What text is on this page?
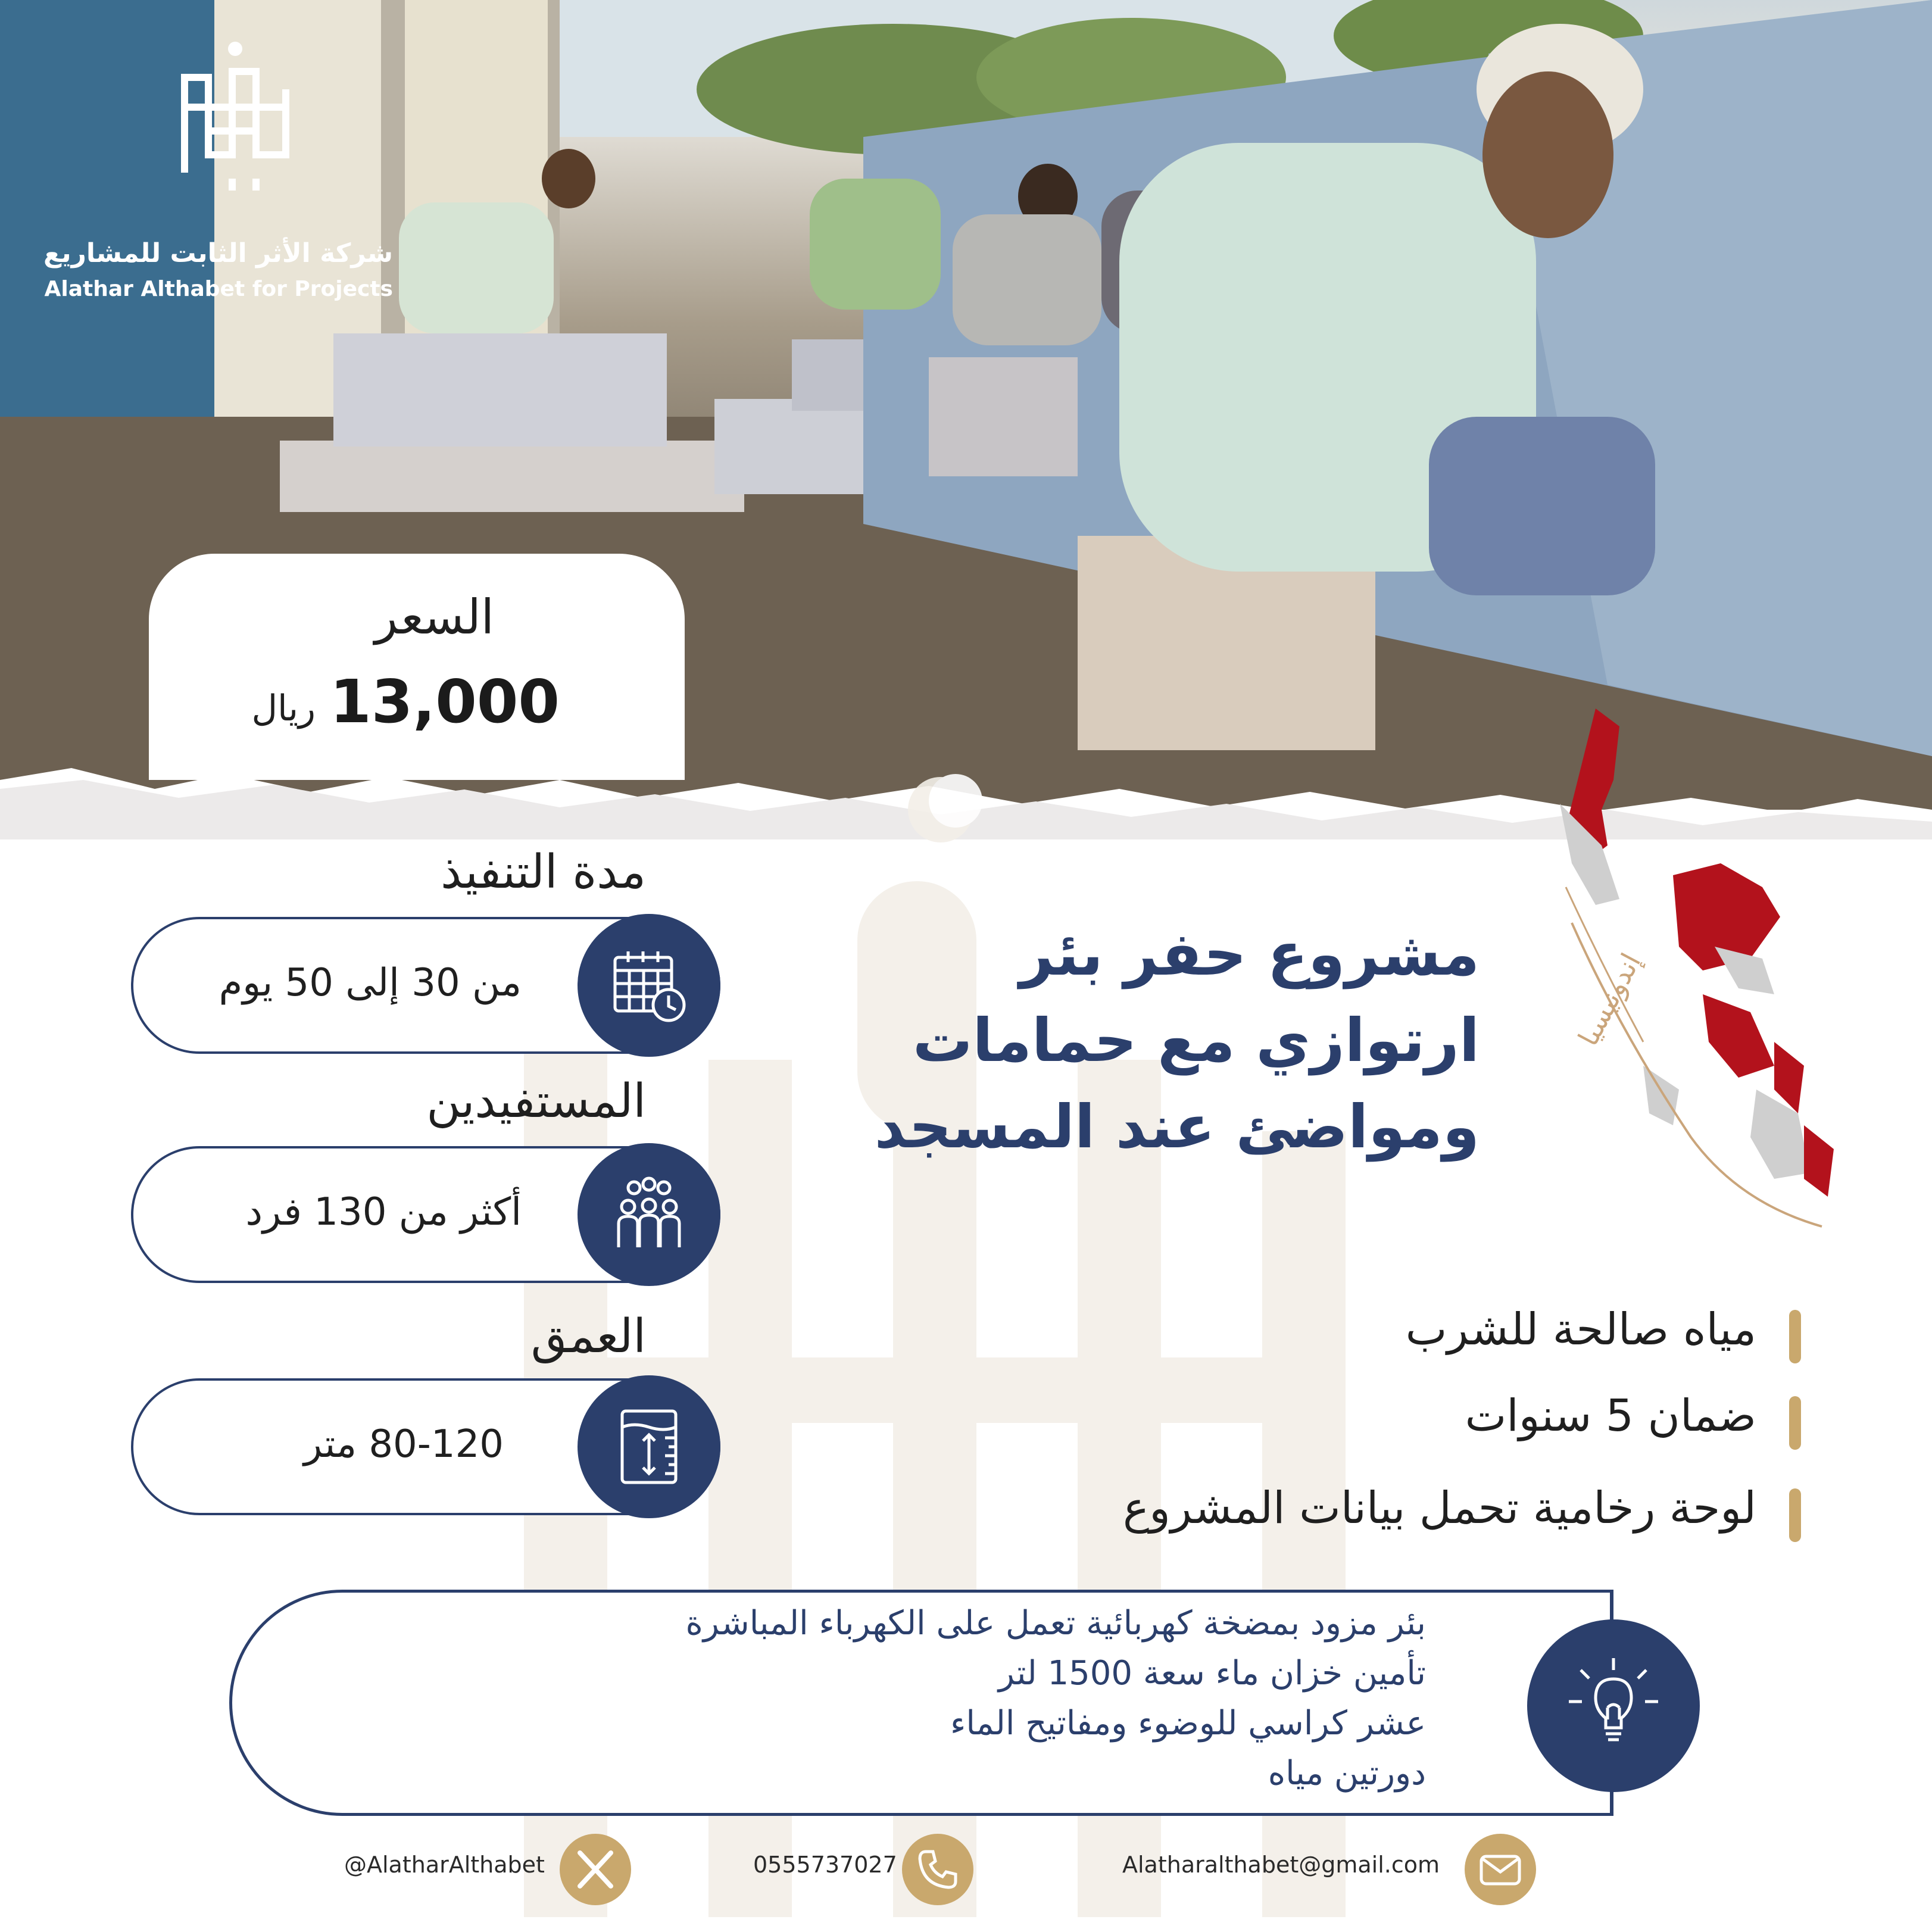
شركة الأثر الثابت للمشاريع
Alathar Althabet for Projects
السعر
13,000
ريال
مشروع حفر بئر
ارتوازي مع حمامات
ومواضئ عند المسجد
إندونيسيا
مدة التنفيذ
من 30 إلى 50 يوم
المستفيدين
أكثر من 130 فرد
العمق
80-120 متر
مياه صالحة للشرب
ضمان 5 سنوات
لوحة رخامية تحمل بيانات المشروع
بئر مزود بمضخة كهربائية تعمل على الكهرباء المباشرة
تأمين خزان ماء سعة 1500 لتر
عشر كراسي للوضوء ومفاتيح الماء
دورتين مياه
@AlatharAlthabet	0555737027	Alatharalthabet@gmail.com
